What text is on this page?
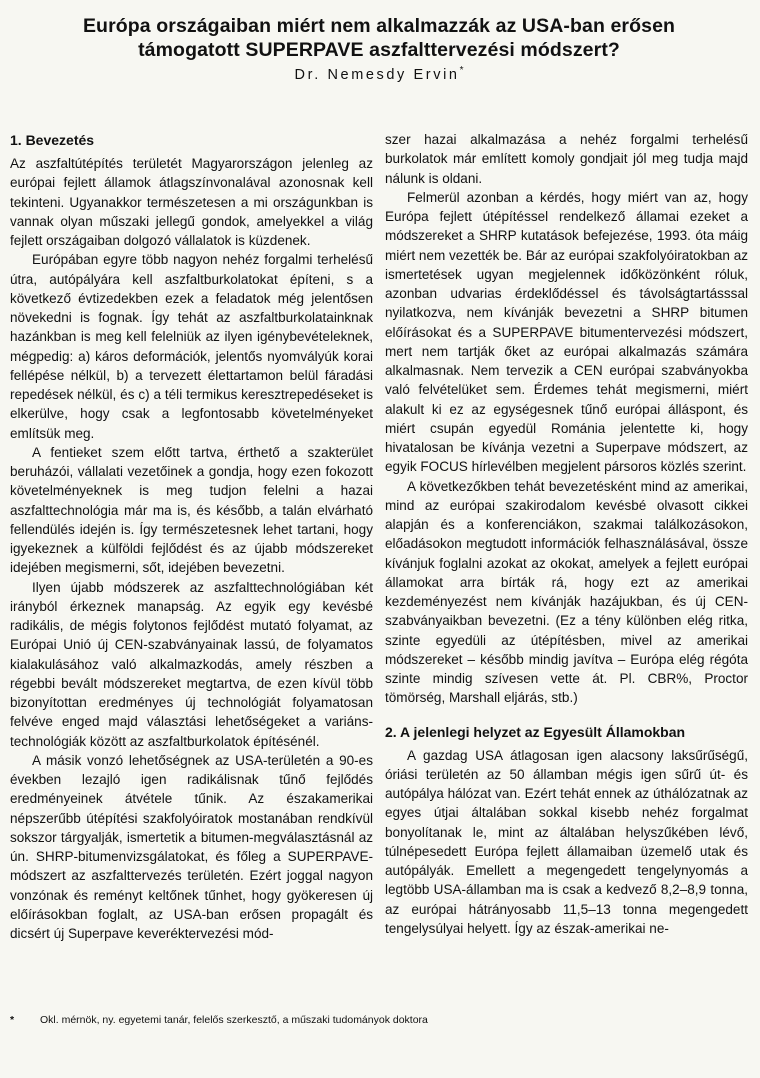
Európa országaiban miért nem alkalmazzák az USA-ban erősen
támogatott SUPERPAVE aszfalttervezési módszert?
Dr. Nemesdy Ervin*
1. Bevezetés

Az aszfaltútépítés területét Magyarországon jelenleg az európai fejlett államok átlagszínvonalával azonosnak kell tekinteni. Ugyanakkor természetesen a mi országunkban is vannak olyan műszaki jellegű gondok, amelyekkel a világ fejlett országaiban dolgozó vállalatok is küzdenek.

Európában egyre több nagyon nehéz forgalmi terhelésű útra, autópályára kell aszfaltburkolatokat építeni, s a következő évtizedekben ezek a feladatok még jelentősen növekedni is fognak. Így tehát az aszfaltburkolatainknak hazánkban is meg kell felelniük az ilyen igénybevételeknek, mégpedig: a) káros deformációk, jelentős nyomvályúk korai fellépése nélkül, b) a tervezett élettartamon belül fáradási repedések nélkül, és c) a téli termikus keresztrepedéseket is elkerülve, hogy csak a legfontosabb követelményeket említsük meg.

A fentieket szem előtt tartva, érthető a szakterület beruházói, vállalati vezetőinek a gondja, hogy ezen fokozott követelményeknek is meg tudjon felelni a hazai aszfalttechnológia már ma is, és később, a talán elvárható fellendülés idején is. Így természetesnek lehet tartani, hogy igyekeznek a külföldi fejlődést és az újabb módszereket idejében megismerni, sőt, idejében bevezetni.

Ilyen újabb módszerek az aszfalttechnológiában két irányból érkeznek manapság. Az egyik egy kevésbé radikális, de mégis folytonos fejlődést mutató folyamat, az Európai Unió új CEN-szabványainak lassú, de folyamatos kialakulásához való alkalmazkodás, amely részben a régebbi bevált módszereket megtartva, de ezen kívül több bizonyítottan eredményes új technológiát folyamatosan felvéve enged majd választási lehetőségeket a variáns-technológiák között az aszfaltburkolatok építésénél.

A másik vonzó lehetőségnek az USA-területén a 90-es években lezajló igen radikálisnak tűnő fejlődés eredményeinek átvétele tűnik. Az északamerikai népszerűbb útépítési szakfolyóiratok mostanában rendkívül sokszor tárgyalják, ismertetik a bitumen-megválasztásnál az ún. SHRP-bitumenvizsgálatokat, és főleg a SUPERPAVE-módszert az aszfalttervezés területén. Ezért joggal nagyon vonzónak és reményt keltőnek tűnhet, hogy gyökeresen új előírásokban foglalt, az USA-ban erősen propagált és dicsért új Superpave keveréktervezési mód-

szer hazai alkalmazása a nehéz forgalmi terhelésű burkolatok már említett komoly gondjait jól meg tudja majd nálunk is oldani.

Felmerül azonban a kérdés, hogy miért van az, hogy Európa fejlett útépítéssel rendelkező államai ezeket a módszereket a SHRP kutatások befejezése, 1993. óta máig miért nem vezették be. Bár az európai szakfolyóiratokban az ismertetések ugyan megjelennek időközönként róluk, azonban udvarias érdeklődéssel és távolságtartásssal nyilatkozva, nem kívánják bevezetni a SHRP bitumen előírásokat és a SUPERPAVE bitumentervezési módszert, mert nem tartják őket az európai alkalmazás számára alkalmasnak. Nem tervezik a CEN európai szabványokba való felvételüket sem. Érdemes tehát megismerni, miért alakult ki ez az egységesnek tűnő európai álláspont, és miért csupán egyedül Románia jelentette ki, hogy hivatalosan be kívánja vezetni a Superpave módszert, az egyik FOCUS hírlevélben megjelent pársoros közlés szerint.

A következőkben tehát bevezetésként mind az amerikai, mind az európai szakirodalom kevésbé olvasott cikkei alapján és a konferenciákon, szakmai találkozásokon, előadásokon megtudott információk felhasználásával, össze kívánjuk foglalni azokat az okokat, amelyek a fejlett európai államokat arra bírták rá, hogy ezt az amerikai kezdeményezést nem kívánják hazájukban, és új CEN-szabványaikban bevezetni. (Ez a tény különben elég ritka, szinte egyedüli az útépítésben, mivel az amerikai módszereket – később mindig javítva – Európa elég régóta szinte mindig szívesen vette át. Pl. CBR%, Proctor tömörség, Marshall eljárás, stb.)

2. A jelenlegi helyzet az Egyesült Államokban

A gazdag USA átlagosan igen alacsony laksűrűségű, óriási területén az 50 államban mégis igen sűrű út- és autópálya hálózat van. Ezért tehát ennek az úthálózatnak az egyes útjai általában sokkal kisebb nehéz forgalmat bonyolítanak le, mint az általában helyszűkében lévő, túlnépesedett Európa fejlett államaiban üzemelő utak és autópályák. Emellett a megengedett tengelynyomás a legtöbb USA-államban ma is csak a kedvező 8,2–8,9 tonna, az európai hátrányosabb 11,5–13 tonna megengedett tengelysúlyai helyett. Így az észak-amerikai ne-

* Okl. mérnök, ny. egyetemi tanár, felelős szerkesztő, a műszaki tudományok doktora
